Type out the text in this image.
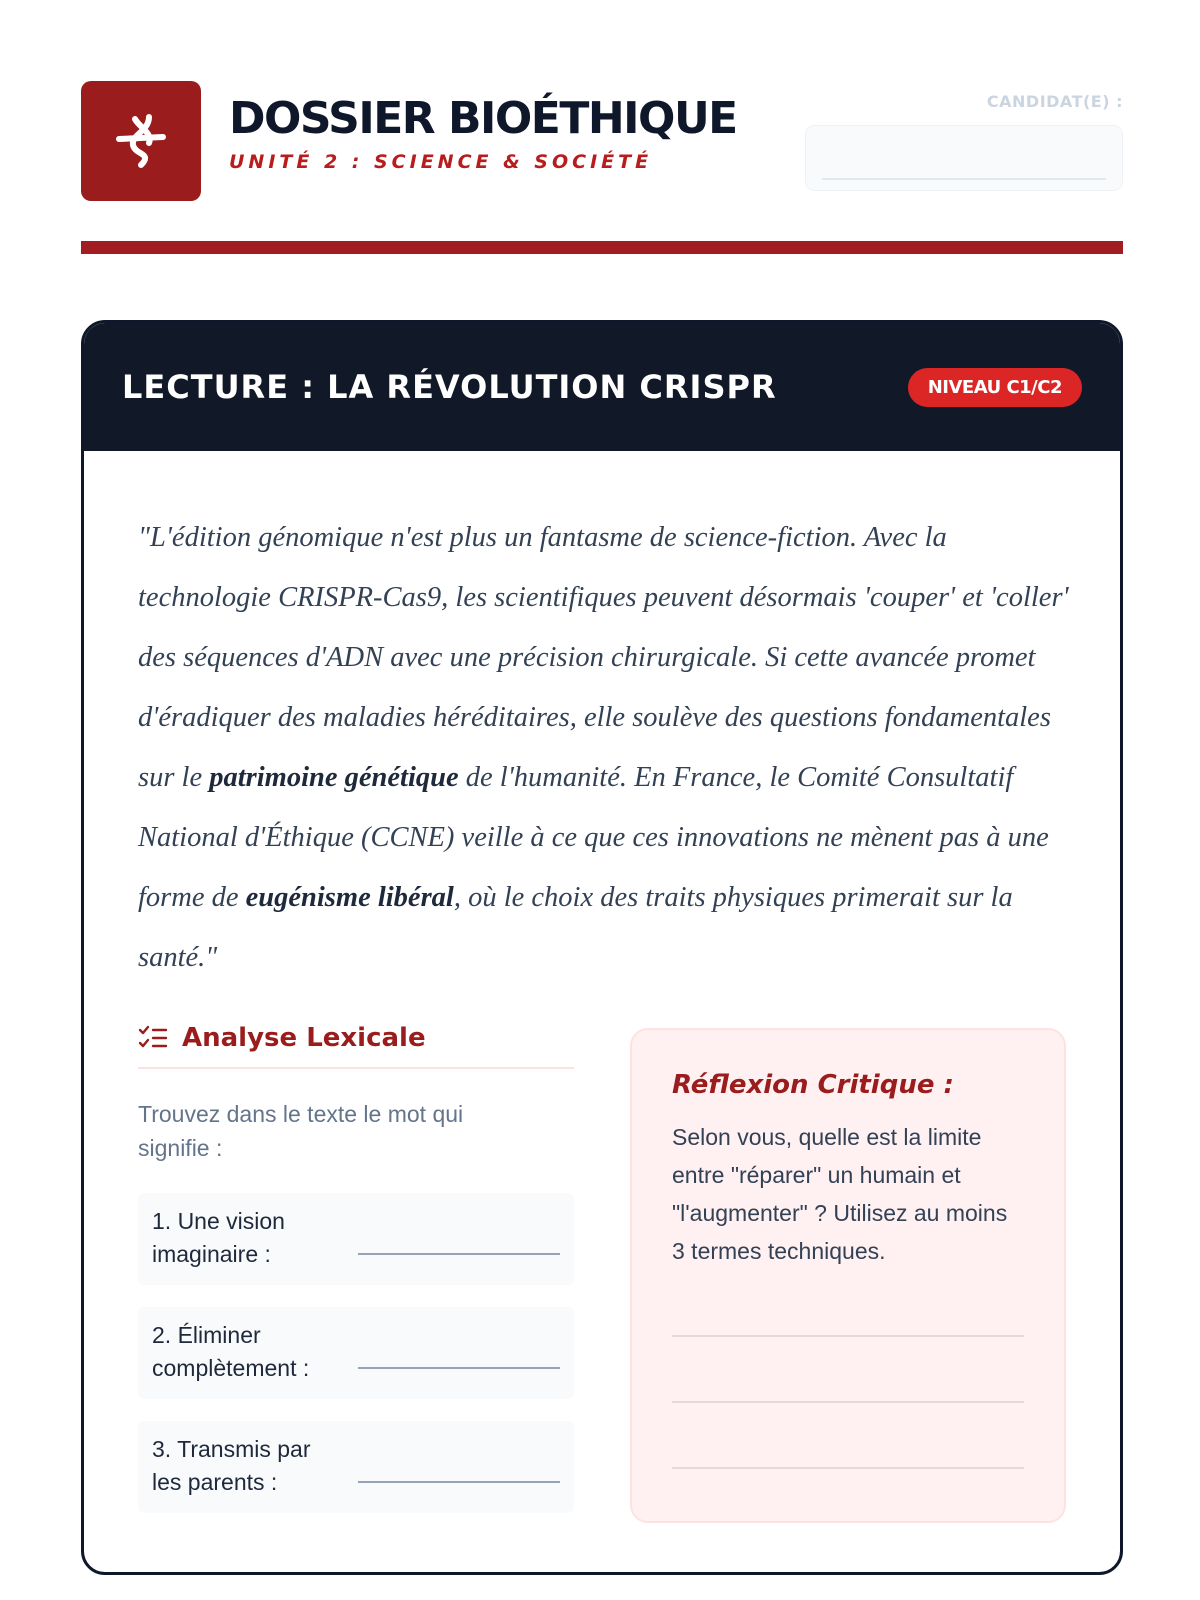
DOSSIER BIOÉTHIQUE
UNITÉ 2 : SCIENCE & SOCIÉTÉ
CANDIDAT(E) :
LECTURE : LA RÉVOLUTION CRISPR	NIVEAU C1/C2

"L'édition génomique n'est plus un fantasme de science-fiction. Avec la technologie CRISPR-Cas9, les scientifiques peuvent désormais 'couper' et 'coller' des séquences d'ADN avec une précision chirurgicale. Si cette avancée promet d'éradiquer des maladies héréditaires, elle soulève des questions fondamentales sur le patrimoine génétique de l'humanité. En France, le Comité Consultatif National d'Éthique (CCNE) veille à ce que ces innovations ne mènent pas à une forme de eugénisme libéral, où le choix des traits physiques primerait sur la santé."

Analyse Lexicale
Trouvez dans le texte le mot qui signifie :
1. Une vision imaginaire :
2. Éliminer complètement :
3. Transmis par les parents :
Réflexion Critique :
Selon vous, quelle est la limite entre "réparer" un humain et "l'augmenter" ? Utilisez au moins 3 termes techniques.
